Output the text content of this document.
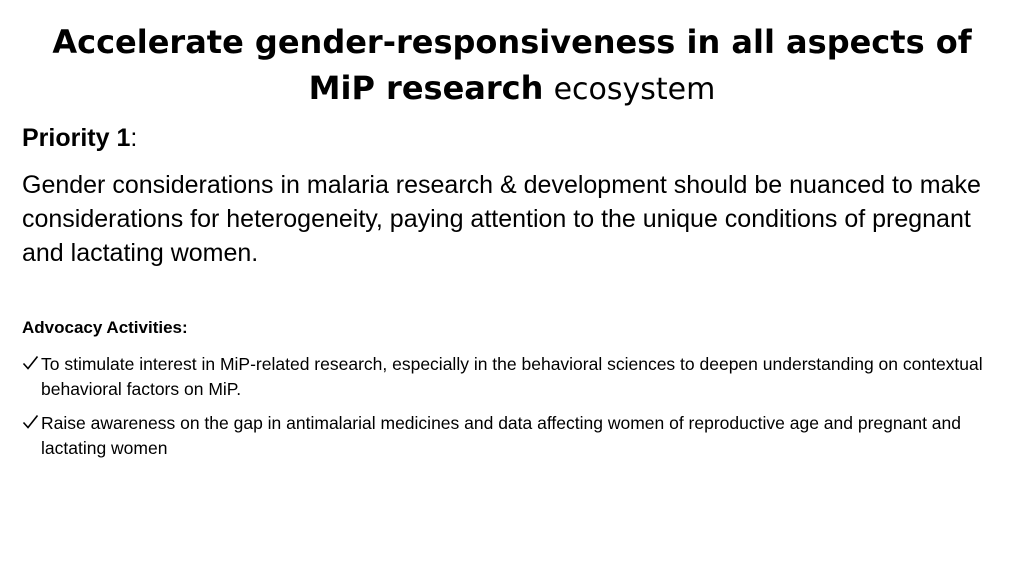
Accelerate gender-responsiveness in all aspects of MiP research ecosystem
Priority 1:
Gender considerations in malaria research & development should be nuanced to make considerations for heterogeneity, paying attention to the unique conditions of pregnant and lactating women.
Advocacy Activities:
To stimulate interest in MiP-related research, especially in the behavioral sciences to deepen understanding on contextual behavioral factors on MiP.
Raise awareness on the gap in antimalarial medicines and data affecting women of reproductive age and pregnant and lactating women
